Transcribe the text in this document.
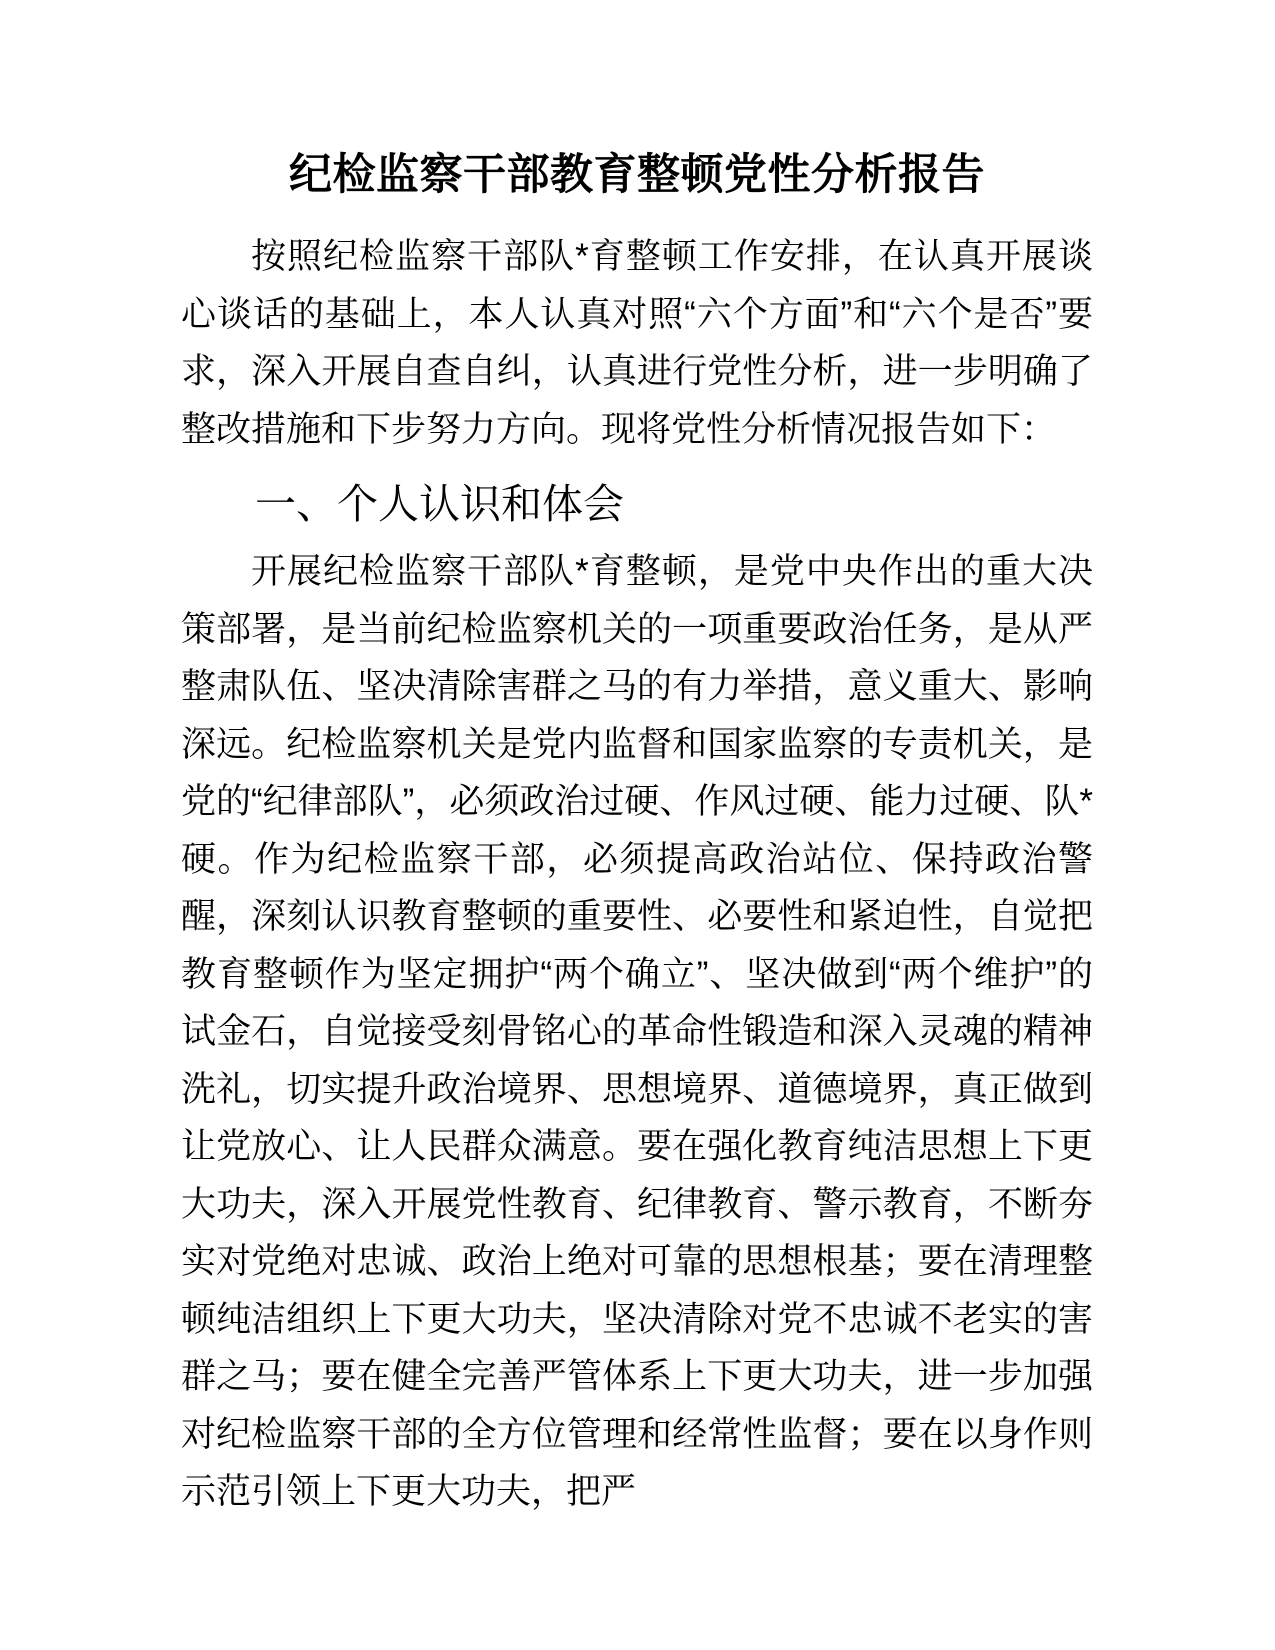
纪检监察干部教育整顿党性分析报告

按照纪检监察干部队*育整顿工作安排，在认真开展谈心谈话的基础上，本人认真对照“六个方面”和“六个是否”要求，深入开展自查自纠，认真进行党性分析，进一步明确了整改措施和下步努力方向。现将党性分析情况报告如下：

一、个人认识和体会

开展纪检监察干部队*育整顿，是党中央作出的重大决策部署，是当前纪检监察机关的一项重要政治任务，是从严整肃队伍、坚决清除害群之马的有力举措，意义重大、影响深远。纪检监察机关是党内监督和国家监察的专责机关，是党的“纪律部队”，必须政治过硬、作风过硬、能力过硬、队*硬。作为纪检监察干部，必须提高政治站位、保持政治警醒，深刻认识教育整顿的重要性、必要性和紧迫性，自觉把教育整顿作为坚定拥护“两个确立”、坚决做到“两个维护”的试金石，自觉接受刻骨铭心的革命性锻造和深入灵魂的精神洗礼，切实提升政治境界、思想境界、道德境界，真正做到让党放心、让人民群众满意。要在强化教育纯洁思想上下更大功夫，深入开展党性教育、纪律教育、警示教育，不断夯实对党绝对忠诚、政治上绝对可靠的思想根基；要在清理整顿纯洁组织上下更大功夫，坚决清除对党不忠诚不老实的害群之马；要在健全完善严管体系上下更大功夫，进一步加强对纪检监察干部的全方位管理和经常性监督；要在以身作则示范引领上下更大功夫，把严
